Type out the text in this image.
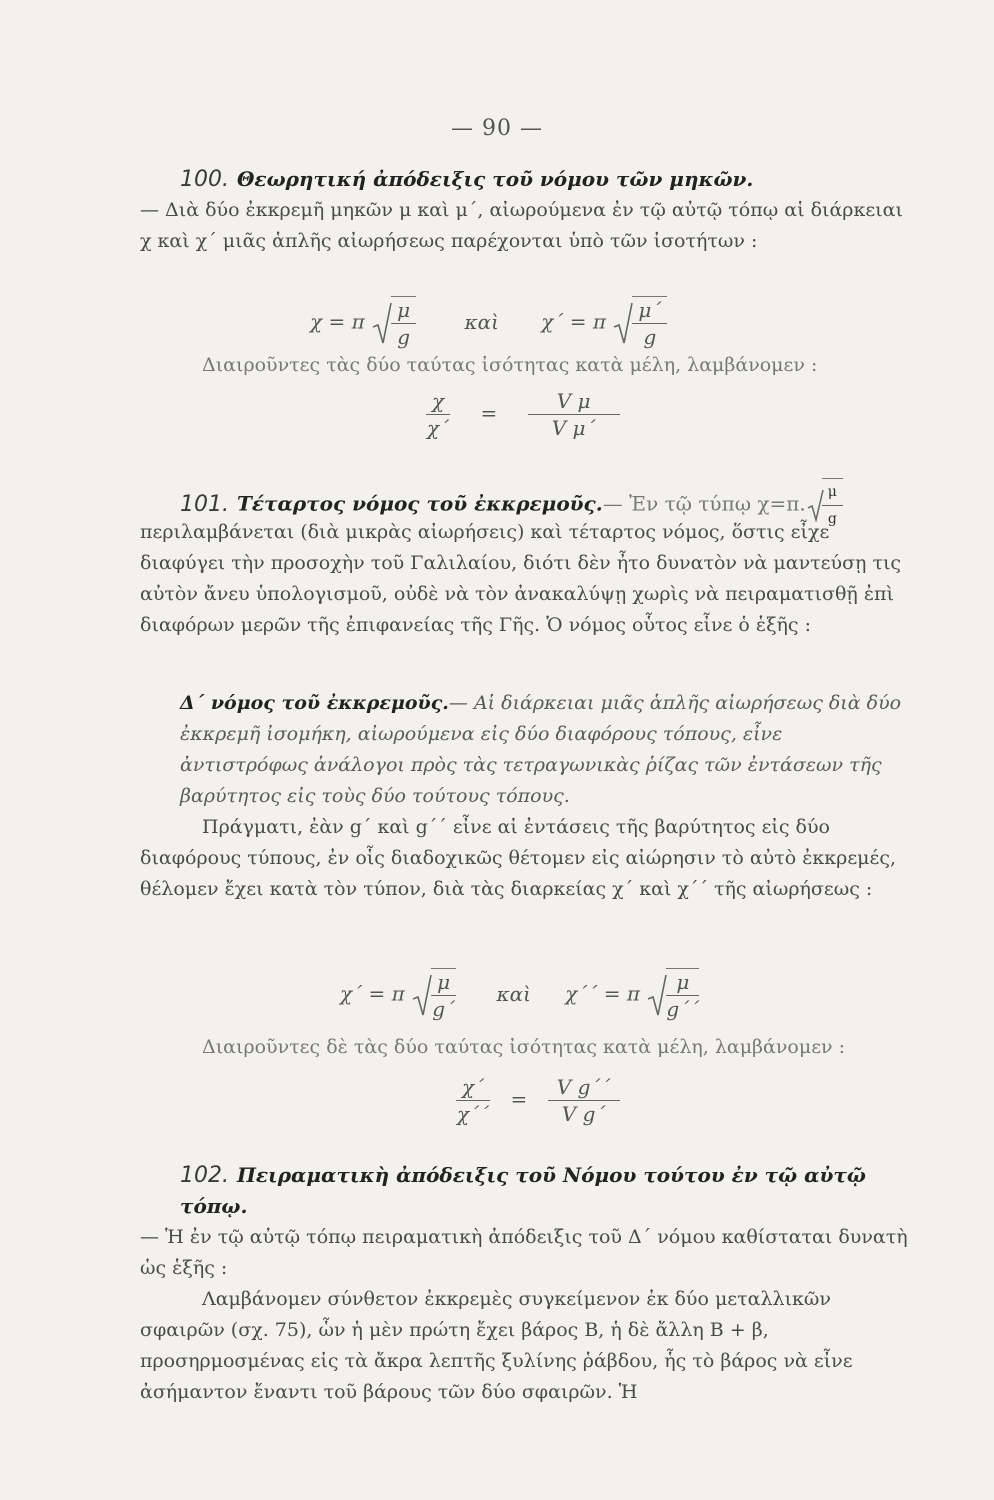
— 90 —
100. Θεωρητική ἀπόδειξις τοῦ νόμου τῶν μηκῶν.
— Διὰ δύο ἐκκρεμῆ μηκῶν μ καὶ μ΄, αἰωρούμενα ἐν τῷ αὐτῷ τόπῳ αἱ διάρκειαι χ καὶ χ΄ μιᾶς ἁπλῆς αἰωρήσεως παρέχονται ὑπὸ τῶν ἰσοτήτων :
χ = π $\frac{\mu}{g}$ καὶ χ΄ = π $\frac{\mu΄}{g}$
Διαιροῦντες τὰς δύο ταύτας ἰσότητας κατὰ μέλη, λαμβάνομεν :
$\frac{\chi}{\chi΄} = \frac{\text{V μ}}{\text{V μ΄}}$
101. Τέταρτος νόμος τοῦ ἐκκρεμοῦς.— Ἐν τῷ τύπῳ χ=π. $\frac{\mu}{g}$
περιλαμβάνεται (διὰ μικρὰς αἰωρήσεις) καὶ τέταρτος νόμος, ὅστις εἶχε διαφύγει τὴν προσοχὴν τοῦ Γαλιλαίου, διότι δὲν ἦτο δυνατὸν νὰ μαντεύσῃ τις αὐτὸν ἄνευ ὑπολογισμοῦ, οὐδὲ νὰ τὸν ἀνακαλύψῃ χωρὶς νὰ πειραματισθῇ ἐπὶ διαφόρων μερῶν τῆς ἐπιφανείας τῆς Γῆς. Ὁ νόμος οὗτος εἶνε ὁ ἑξῆς :
Δ΄ νόμος τοῦ ἐκκρεμοῦς.— Αἱ διάρκειαι μιᾶς ἁπλῆς αἰωρήσεως διὰ δύο ἐκκρεμῆ ἰσομήκη, αἰωρούμενα εἰς δύο διαφόρους τόπους, εἶνε ἀντιστρόφως ἀνάλογοι πρὸς τὰς τετραγωνικὰς ῥίζας τῶν ἐντάσεων τῆς βαρύτητος εἰς τοὺς δύο τούτους τόπους.
Πράγματι, ἐὰν g΄ καὶ g΄΄ εἶνε αἱ ἐντάσεις τῆς βαρύτητος εἰς δύο διαφόρους τύπους, ἐν οἷς διαδοχικῶς θέτομεν εἰς αἰώρησιν τὸ αὐτὸ ἐκκρεμές, θέλομεν ἔχει κατὰ τὸν τύπον, διὰ τὰς διαρκείας χ΄ καὶ χ΄΄ τῆς αἰωρήσεως :
χ΄ = π $\frac{\mu}{g΄}$ καὶ χ΄΄ = π $\frac{\mu}{g΄΄}$
Διαιροῦντες δὲ τὰς δύο ταύτας ἰσότητας κατὰ μέλη, λαμβάνομεν :
$\frac{\chi΄}{\chi΄΄} = \frac{\text{V g΄΄}}{\text{V g΄}}$
102. Πειραματικὴ ἀπόδειξις τοῦ Νόμου τούτου ἐν τῷ αὐτῷ τόπῳ.
— Ἡ ἐν τῷ αὐτῷ τόπῳ πειραματικὴ ἀπόδειξις τοῦ Δ΄ νόμου καθίσταται δυνατὴ ὡς ἑξῆς :
Λαμβάνομεν σύνθετον ἐκκρεμὲς συγκείμενον ἐκ δύο μεταλλικῶν σφαιρῶν (σχ. 75), ὧν ἡ μὲν πρώτη ἔχει βάρος Β, ἡ δὲ ἄλλη Β + β, προσηρμοσμένας εἰς τὰ ἄκρα λεπτῆς ξυλίνης ῥάβδου, ἧς τὸ βάρος νὰ εἶνε ἀσήμαντον ἔναντι τοῦ βάρους τῶν δύο σφαιρῶν. Ἡ
